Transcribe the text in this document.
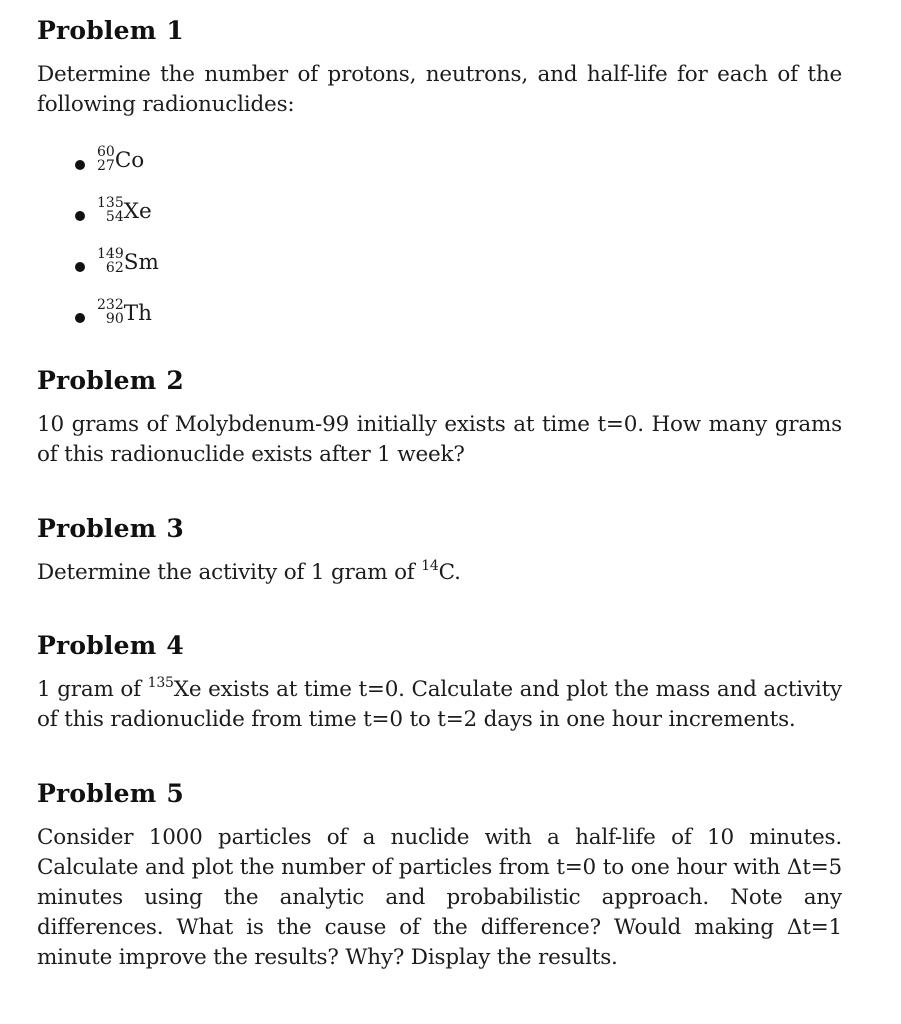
Problem 1

Determine the number of protons, neutrons, and half-life for each of the following radionuclides:

60
27 Co
135
54 Xe
149
62 Sm
232
90 Th
Problem 2

10 grams of Molybdenum-99 initially exists at time t=0. How many grams of this radionuclide exists after 1 week?

Problem 3

Determine the activity of 1 gram of $^{14}$C.

Problem 4

1 gram of $^{135}$Xe exists at time t=0. Calculate and plot the mass and activity of this radionuclide from time t=0 to t=2 days in one hour increments.

Problem 5

Consider 1000 particles of a nuclide with a half-life of 10 minutes. Calculate and plot the number of particles from t=0 to one hour with Δt=5 minutes using the analytic and probabilistic approach. Note any differences. What is the cause of the difference? Would making Δt=1 minute improve the results? Why? Display the results.
